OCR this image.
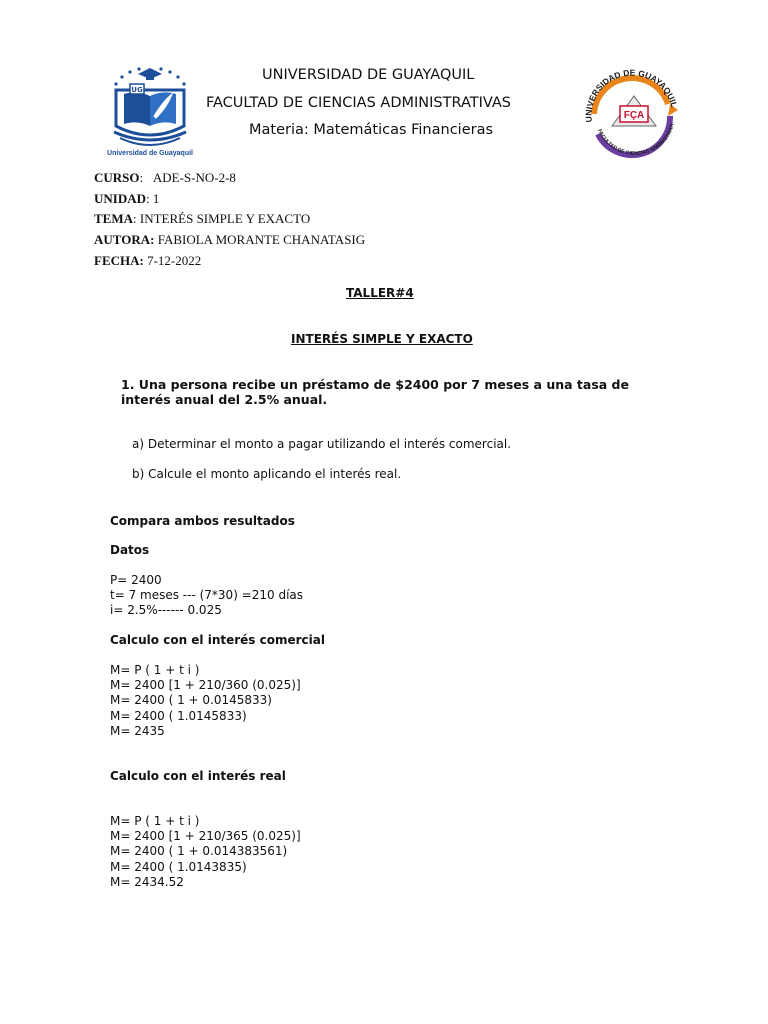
UG
Universidad de Guayaquil
UNIVERSIDAD DE GUAYAQUIL
FACULTAD DE CIENCIAS ADMINISTRATI
FÇA
UNIVERSIDAD DE GUAYAQUIL
FACULTAD DE CIENCIAS ADMINISTRATIVAS
Materia: Matemáticas Financieras
CURSO:   ADE-S-NO-2-8
UNIDAD: 1
TEMA: INTERÉS SIMPLE Y EXACTO
AUTORA: FABIOLA MORANTE CHANATASIG
FECHA: 7-12-2022
TALLER#4
INTERÉS SIMPLE Y EXACTO
1. Una persona recibe un préstamo de $2400 por 7 meses a una tasa de
interés anual del 2.5% anual.
a) Determinar el monto a pagar utilizando el interés comercial.
b) Calcule el monto aplicando el interés real.
Compara ambos resultados
Datos
P= 2400
t= 7 meses --- (7*30) =210 días
i= 2.5%------ 0.025
Calculo con el interés comercial
M= P ( 1 + t i )
M= 2400 [1 + 210/360 (0.025)]
M= 2400 ( 1 + 0.0145833)
M= 2400 ( 1.0145833)
M= 2435
Calculo con el interés real
M= P ( 1 + t i )
M= 2400 [1 + 210/365 (0.025)]
M= 2400 ( 1 + 0.014383561)
M= 2400 ( 1.0143835)
M= 2434.52
